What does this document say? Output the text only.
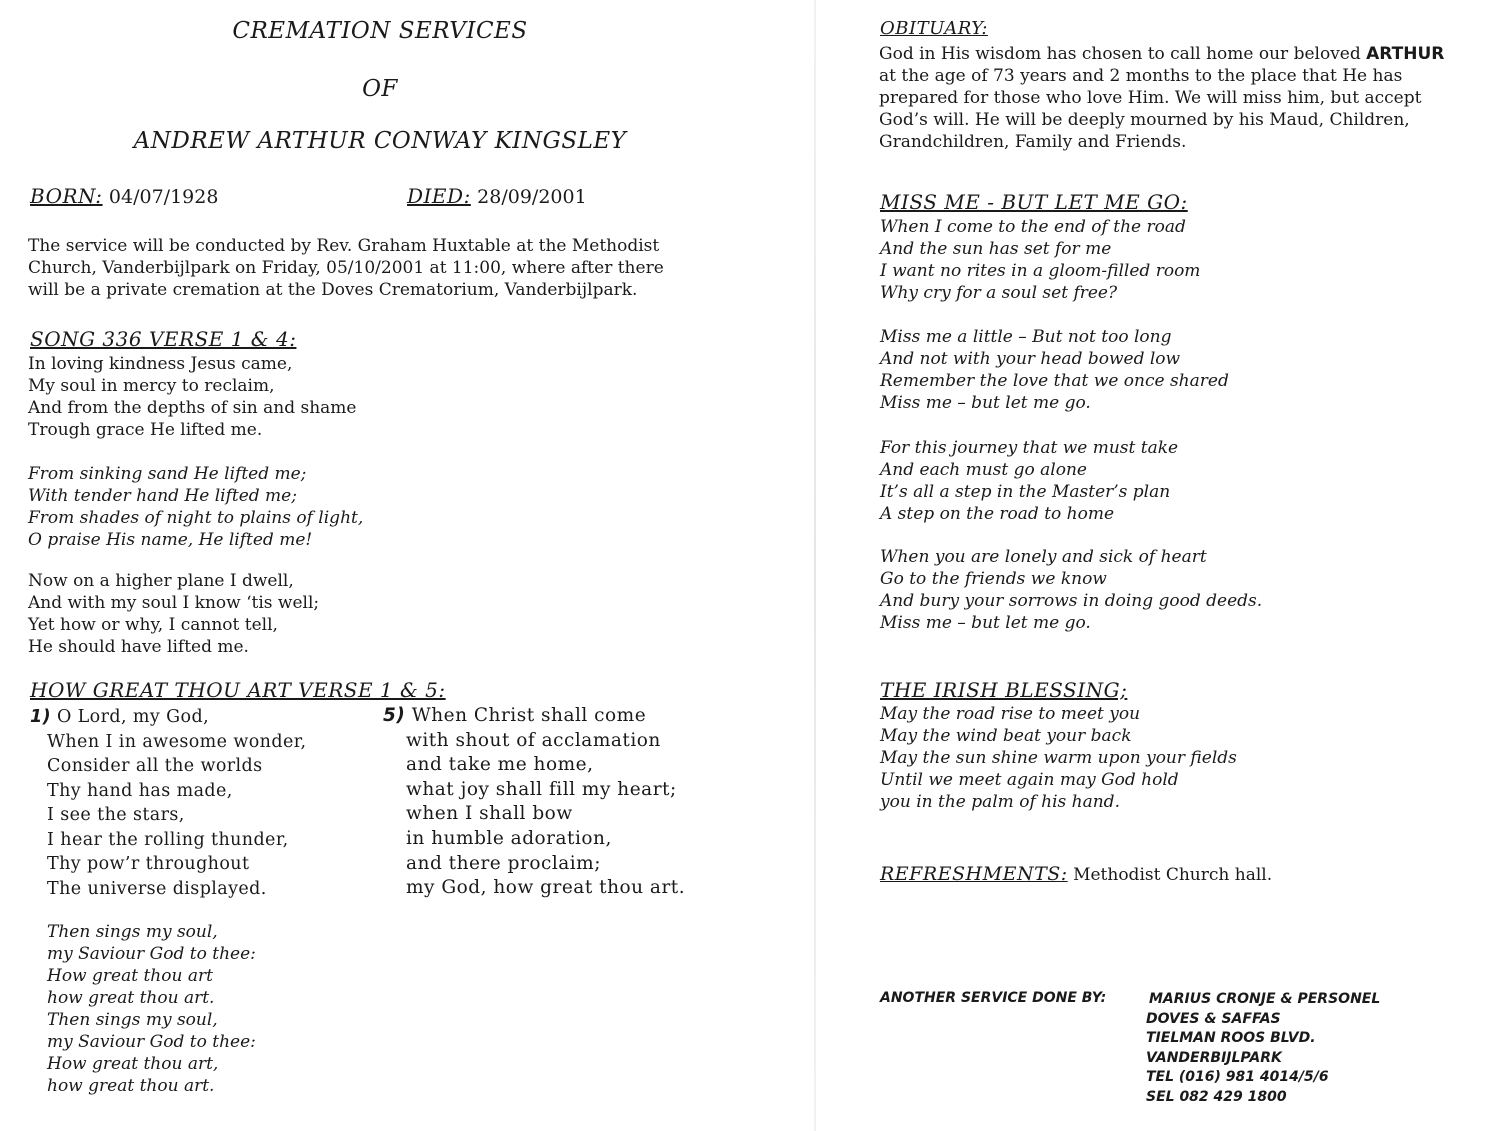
CREMATION SERVICES
OF
ANDREW ARTHUR CONWAY KINGSLEY
BORN: 04/07/1928	DIED: 28/09/2001
The service will be conducted by Rev. Graham Huxtable at the Methodist
Church, Vanderbijlpark on Friday, 05/10/2001 at 11:00, where after there
will be a private cremation at the Doves Crematorium, Vanderbijlpark.
SONG 336 VERSE 1 & 4:
In loving kindness Jesus came,
My soul in mercy to reclaim,
And from the depths of sin and shame
Trough grace He lifted me.
From sinking sand He lifted me;
With tender hand He lifted me;
From shades of night to plains of light,
O praise His name, He lifted me!
Now on a higher plane I dwell,
And with my soul I know ‘tis well;
Yet how or why, I cannot tell,
He should have lifted me.
HOW GREAT THOU ART VERSE 1 & 5:
1) O Lord, my God,
When I in awesome wonder,
Consider all the worlds
Thy hand has made,
I see the stars,
I hear the rolling thunder,
Thy pow’r throughout
The universe displayed.
5) When Christ shall come
with shout of acclamation
and take me home,
what joy shall fill my heart;
when I shall bow
in humble adoration,
and there proclaim;
my God, how great thou art.
Then sings my soul,
my Saviour God to thee:
How great thou art
how great thou art.
Then sings my soul,
my Saviour God to thee:
How great thou art,
how great thou art.
OBITUARY:
God in His wisdom has chosen to call home our beloved ARTHUR
at the age of 73 years and 2 months to the place that He has
prepared for those who love Him. We will miss him, but accept
God’s will. He will be deeply mourned by his Maud, Children,
Grandchildren, Family and Friends.
MISS ME - BUT LET ME GO:
When I come to the end of the road
And the sun has set for me
I want no rites in a gloom-filled room
Why cry for a soul set free?
Miss me a little – But not too long
And not with your head bowed low
Remember the love that we once shared
Miss me – but let me go.
For this journey that we must take
And each must go alone
It’s all a step in the Master’s plan
A step on the road to home
When you are lonely and sick of heart
Go to the friends we know
And bury your sorrows in doing good deeds.
Miss me – but let me go.
THE IRISH BLESSING;
May the road rise to meet you
May the wind beat your back
May the sun shine warm upon your fields
Until we meet again may God hold
you in the palm of his hand.
REFRESHMENTS: Methodist Church hall.
ANOTHER SERVICE DONE BY:	MARIUS CRONJE & PERSONEL
DOVES & SAFFAS
TIELMAN ROOS BLVD.
VANDERBIJLPARK
TEL (016) 981 4014/5/6
SEL 082 429 1800
